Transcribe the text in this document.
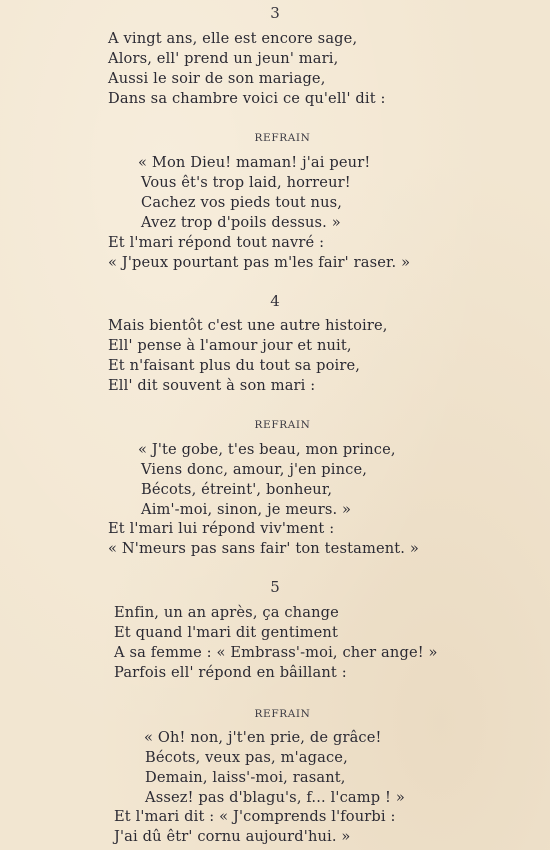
3
A vingt ans, elle est encore sage,
Alors, ell' prend un jeun' mari,
Aussi le soir de son mariage,
Dans sa chambre voici ce qu'ell' dit :
REFRAIN
« Mon Dieu! maman! j'ai peur!
Vous êt's trop laid, horreur!
Cachez vos pieds tout nus,
Avez trop d'poils dessus. »
Et l'mari répond tout navré :
« J'peux pourtant pas m'les fair' raser. »
4
Mais bientôt c'est une autre histoire,
Ell' pense à l'amour jour et nuit,
Et n'faisant plus du tout sa poire,
Ell' dit souvent à son mari :
REFRAIN
« J'te gobe, t'es beau, mon prince,
Viens donc, amour, j'en pince,
Bécots, étreint', bonheur,
Aim'-moi, sinon, je meurs. »
Et l'mari lui répond viv'ment :
« N'meurs pas sans fair' ton testament. »
5
Enfin, un an après, ça change
Et quand l'mari dit gentiment
A sa femme : « Embrass'-moi, cher ange! »
Parfois ell' répond en bâillant :
REFRAIN
« Oh! non, j't'en prie, de grâce!
Bécots, veux pas, m'agace,
Demain, laiss'-moi, rasant,
Assez! pas d'blagu's, f... l'camp ! »
Et l'mari dit : « J'comprends l'fourbi :
J'ai dû êtr' cornu aujourd'hui. »
